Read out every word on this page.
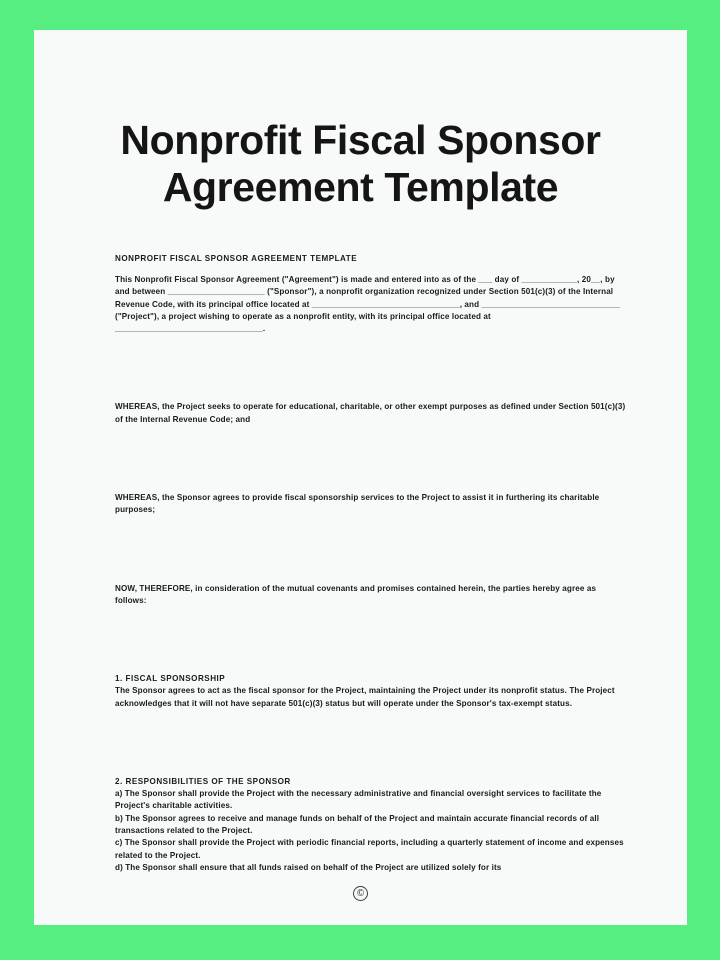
Nonprofit Fiscal Sponsor
Agreement Template

NONPROFIT FISCAL SPONSOR AGREEMENT TEMPLATE

This Nonprofit Fiscal Sponsor Agreement ("Agreement") is made and entered into as of the ___ day of ____________, 20__, by and between _____________________ ("Sponsor"), a nonprofit organization recognized under Section 501(c)(3) of the Internal Revenue Code, with its principal office located at ________________________________, and ______________________________ ("Project"), a project wishing to operate as a nonprofit entity, with its principal office located at ________________________________.

WHEREAS, the Project seeks to operate for educational, charitable, or other exempt purposes as defined under Section 501(c)(3) of the Internal Revenue Code; and

WHEREAS, the Sponsor agrees to provide fiscal sponsorship services to the Project to assist it in furthering its charitable purposes;

NOW, THEREFORE, in consideration of the mutual covenants and promises contained herein, the parties hereby agree as follows:

1. FISCAL SPONSORSHIP

The Sponsor agrees to act as the fiscal sponsor for the Project, maintaining the Project under its nonprofit status. The Project acknowledges that it will not have separate 501(c)(3) status but will operate under the Sponsor's tax-exempt status.

2. RESPONSIBILITIES OF THE SPONSOR

a) The Sponsor shall provide the Project with the necessary administrative and financial oversight services to facilitate the Project's charitable activities.

b) The Sponsor agrees to receive and manage funds on behalf of the Project and maintain accurate financial records of all transactions related to the Project.

c) The Sponsor shall provide the Project with periodic financial reports, including a quarterly statement of income and expenses related to the Project.

d) The Sponsor shall ensure that all funds raised on behalf of the Project are utilized solely for its

©
